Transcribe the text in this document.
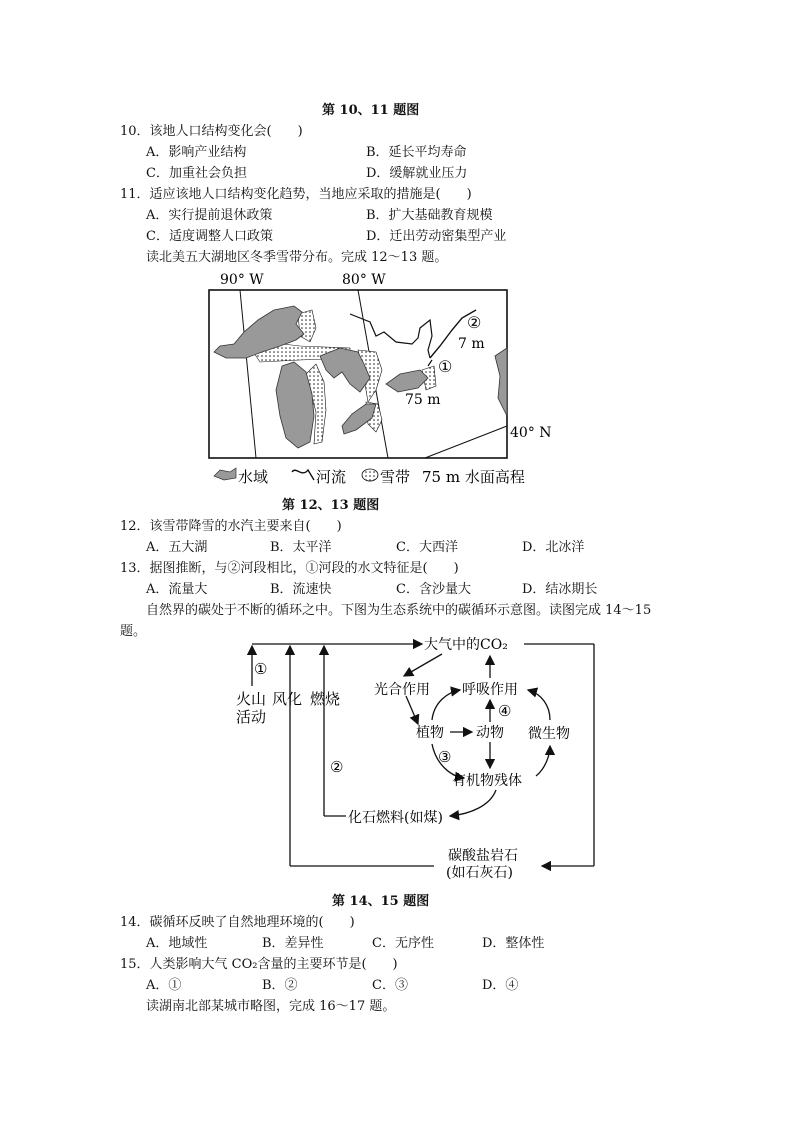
第 10、11 题图
10．该地人口结构变化会(　　)
A．影响产业结构	B．延长平均寿命
C．加重社会负担	D．缓解就业压力
11．适应该地人口结构变化趋势，当地应采取的措施是(　　)
A．实行提前退休政策	B．扩大基础教育规模
C．适度调整人口政策	D．迁出劳动密集型产业
读北美五大湖地区冬季雪带分布。完成 12～13 题。
90° W	80° W
40° N
②
7 m
①
75 m
水域	河流 雪带 75 m 水面高程
第 12、13 题图
12．该雪带降雪的水汽主要来自(　　)
A．五大湖	B．太平洋	C．大西洋	D．北冰洋
13．据图推断，与②河段相比，①河段的水文特征是(　　)
A．流量大	B．流速快	C．含沙量大	D．结冰期长
自然界的碳处于不断的循环之中。下图为生态系统中的碳循环示意图。读图完成 14～15
题。
大气中的CO₂
光合作用 呼吸作用
植物 动物 微生物
有机物残体
化石燃料(如煤)
碳酸盐岩石
(如石灰石)
火山
活动
风化 燃烧
①
②
③
④
第 14、15 题图
14．碳循环反映了自然地理环境的(　　)
A．地域性	B．差异性	C．无序性	D．整体性
15．人类影响大气 CO₂含量的主要环节是(　　)
A．①	B．②	C．③	D．④
读湖南北部某城市略图，完成 16～17 题。
